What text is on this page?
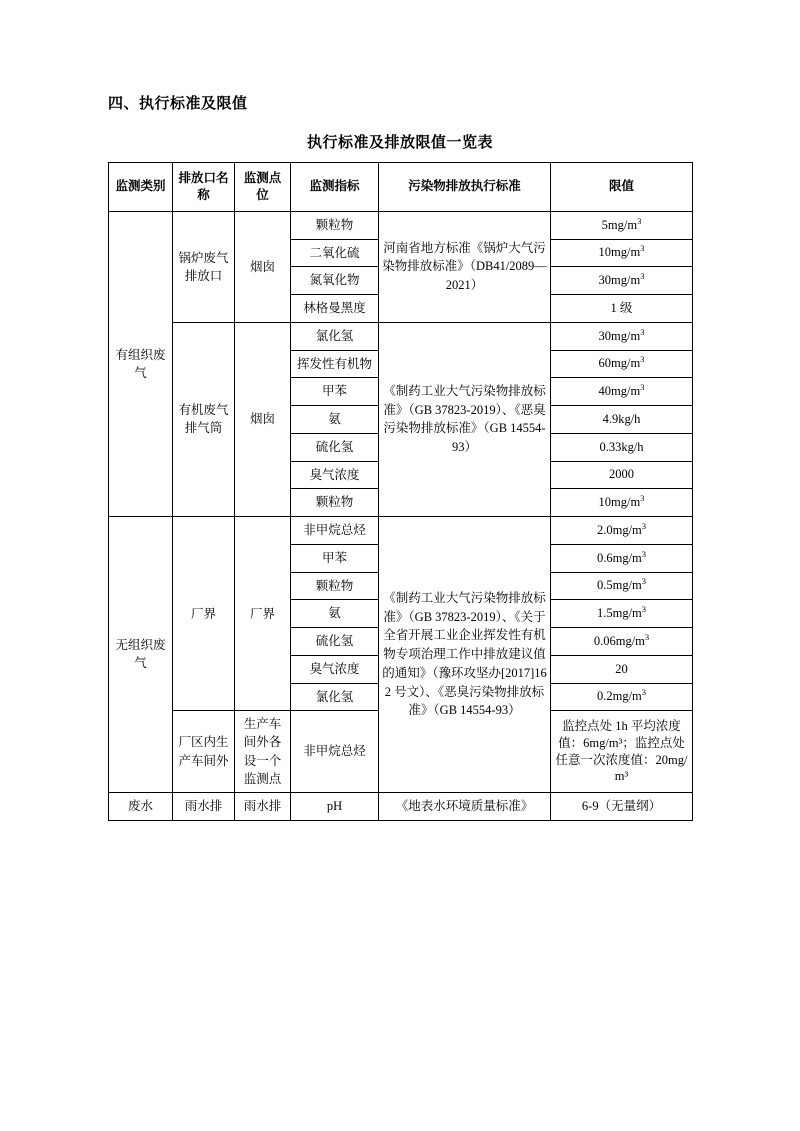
四、执行标准及限值
执行标准及排放限值一览表
监测类别	排放口名称	监测点位	监测指标	污染物排放执行标准	限值
有组织废气	锅炉废气排放口	烟囱	颗粒物	河南省地方标准《锅炉大气污染物排放标准》（DB41/2089—2021）	$5mg/m^3$
			二氧化硫		$10mg/m^3$
			氮氧化物		$30mg/m^3$
			林格曼黑度		1 级
	有机废气排气筒	烟囱	氯化氢	《制药工业大气污染物排放标准》（GB 37823-2019）、《恶臭污染物排放标准》（GB 14554-93）	$30mg/m^3$
			挥发性有机物		$60mg/m^3$
			甲苯		$40mg/m^3$
			氨		4.9kg/h
			硫化氢		0.33kg/h
			臭气浓度		2000
			颗粒物		$10mg/m^3$
无组织废气	厂界	厂界	非甲烷总烃	《制药工业大气污染物排放标准》（GB 37823-2019）、《关于全省开展工业企业挥发性有机物专项治理工作中排放建议值的通知》（豫环攻坚办[2017]162 号文）、《恶臭污染物排放标准》（GB 14554-93）	$2.0mg/m^3$
			甲苯		$0.6mg/m^3$
			颗粒物		$0.5mg/m^3$
			氨		$1.5mg/m^3$
			硫化氢		$0.06mg/m^3$
			臭气浓度		20
			氯化氢		$0.2mg/m^3$
	厂区内生产车间外	生产车间外各设一个监测点	非甲烷总烃		监控点处 1h 平均浓度值：6mg/m³；监控点处任意一次浓度值：20mg/m³
废水	雨水排	雨水排	pH	《地表水环境质量标准》	6-9（无量纲）
